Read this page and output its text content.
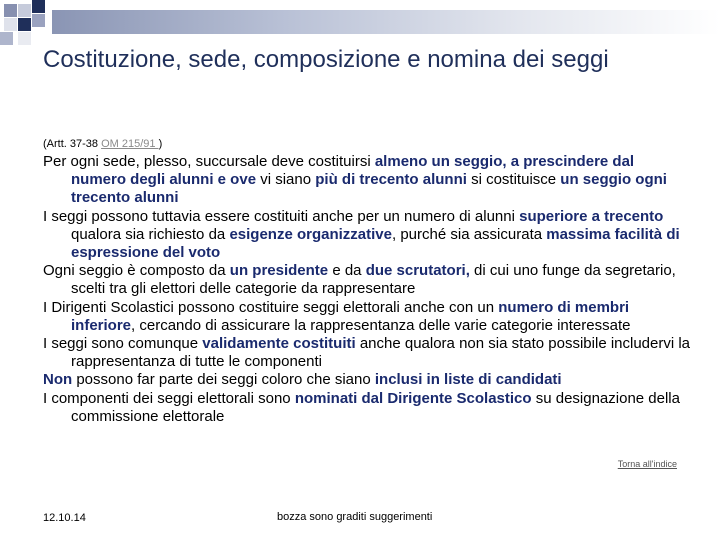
Costituzione, sede, composizione e nomina dei seggi
(Artt. 37-38 OM 215/91 )

Per ogni sede, plesso, succursale deve costituirsi almeno un seggio, a prescindere dal numero degli alunni e ove vi siano più di trecento alunni si costituisce un seggio ogni trecento alunni

I seggi possono tuttavia essere costituiti anche per un numero di alunni superiore a trecento qualora sia richiesto da esigenze organizzative, purché sia assicurata massima facilità di espressione del voto

Ogni seggio è composto da un presidente e da due scrutatori, di cui uno funge da segretario, scelti tra gli elettori delle categorie da rappresentare

I Dirigenti Scolastici possono costituire seggi elettorali anche con un numero di membri inferiore, cercando di assicurare la rappresentanza delle varie categorie interessate

I seggi sono comunque validamente costituiti anche qualora non sia stato possibile includervi la rappresentanza di tutte le componenti

Non possono far parte dei seggi coloro che siano inclusi in liste di candidati

I componenti dei seggi elettorali sono nominati dal Dirigente Scolastico su designazione della commissione elettorale

Torna all'indice
12.10.14	bozza sono graditi suggerimenti
